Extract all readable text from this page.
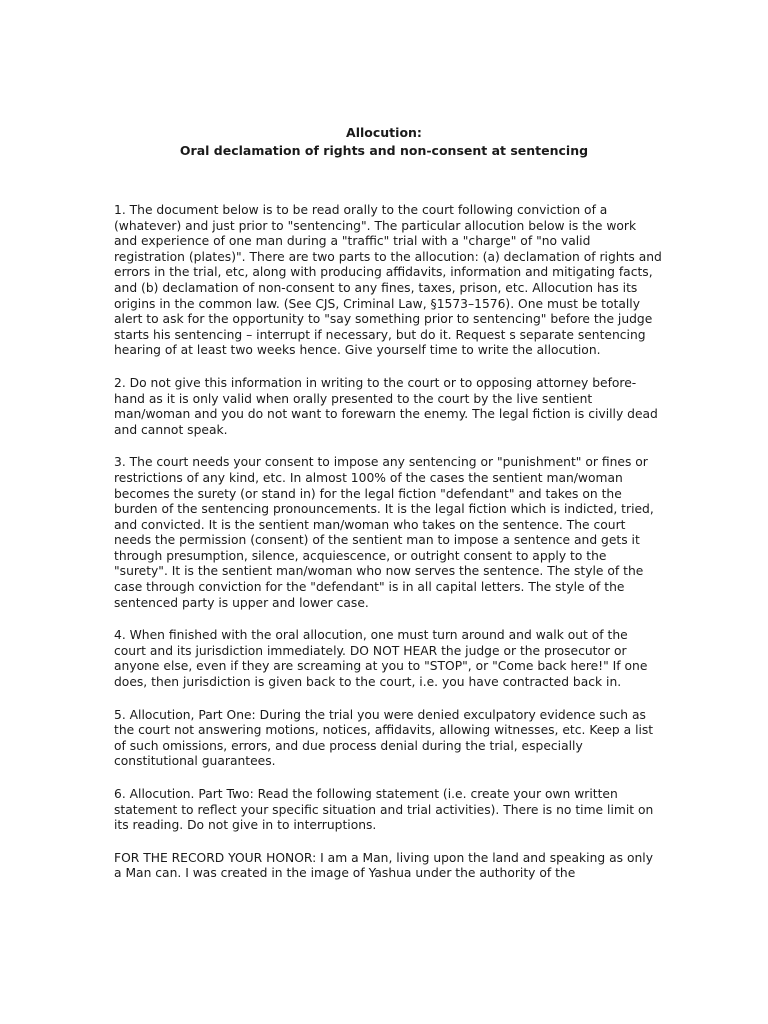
Allocution:
Oral declamation of rights and non-consent at sentencing

1. The document below is to be read orally to the court following conviction of a (whatever) and just prior to "sentencing". The particular allocution below is the work and experience of one man during a "traffic" trial with a "charge" of "no valid registration (plates)". There are two parts to the allocution: (a) declamation of rights and errors in the trial, etc, along with producing affidavits, information and mitigating facts, and (b) declamation of non-consent to any fines, taxes, prison, etc. Allocution has its origins in the common law. (See CJS, Criminal Law, §1573–1576). One must be totally alert to ask for the opportunity to "say something prior to sentencing" before the judge starts his sentencing – interrupt if necessary, but do it. Request s separate sentencing hearing of at least two weeks hence. Give yourself time to write the allocution.

2. Do not give this information in writing to the court or to opposing attorney before-hand as it is only valid when orally presented to the court by the live sentient man/woman and you do not want to forewarn the enemy. The legal fiction is civilly dead and cannot speak.

3. The court needs your consent to impose any sentencing or "punishment" or fines or restrictions of any kind, etc. In almost 100% of the cases the sentient man/woman becomes the surety (or stand in) for the legal fiction "defendant" and takes on the burden of the sentencing pronouncements. It is the legal fiction which is indicted, tried, and convicted. It is the sentient man/woman who takes on the sentence. The court needs the permission (consent) of the sentient man to impose a sentence and gets it through presumption, silence, acquiescence, or outright consent to apply to the "surety". It is the sentient man/woman who now serves the sentence. The style of the case through conviction for the "defendant" is in all capital letters. The style of the sentenced party is upper and lower case.

4. When finished with the oral allocution, one must turn around and walk out of the court and its jurisdiction immediately. DO NOT HEAR the judge or the prosecutor or anyone else, even if they are screaming at you to "STOP", or "Come back here!" If one does, then jurisdiction is given back to the court, i.e. you have contracted back in.

5. Allocution, Part One: During the trial you were denied exculpatory evidence such as the court not answering motions, notices, affidavits, allowing witnesses, etc. Keep a list of such omissions, errors, and due process denial during the trial, especially constitutional guarantees.

6. Allocution. Part Two: Read the following statement (i.e. create your own written statement to reflect your specific situation and trial activities). There is no time limit on its reading. Do not give in to interruptions.

FOR THE RECORD YOUR HONOR: I am a Man, living upon the land and speaking as only a Man can. I was created in the image of Yashua under the authority of the
